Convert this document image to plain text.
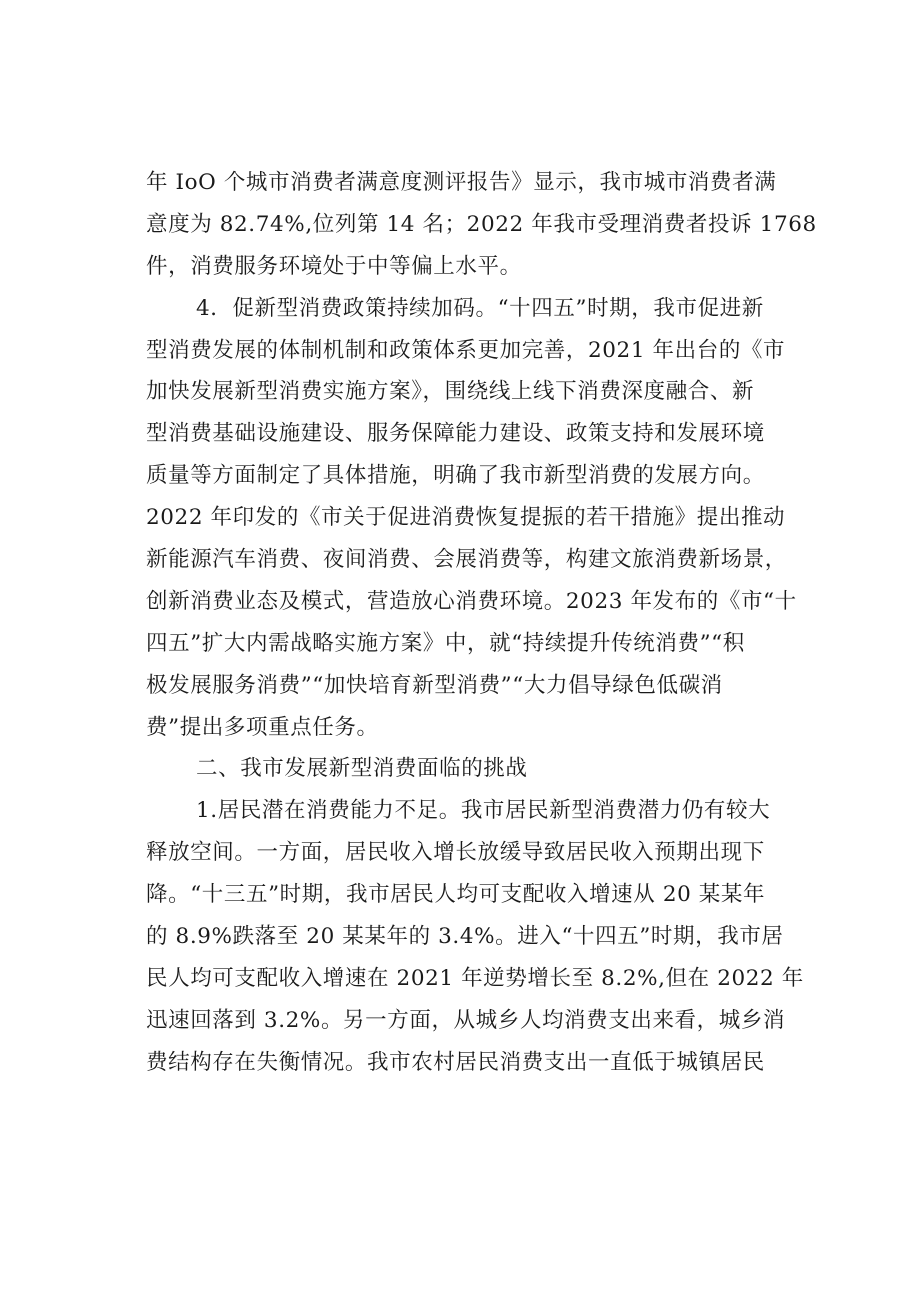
年 IoO 个城市消费者满意度测评报告》显示，我市城市消费者满
意度为 82.74%,位列第 14 名；2022 年我市受理消费者投诉 1768
件，消费服务环境处于中等偏上水平。
4．促新型消费政策持续加码。“十四五”时期，我市促进新
型消费发展的体制机制和政策体系更加完善，2021 年出台的《市
加快发展新型消费实施方案》，围绕线上线下消费深度融合、新
型消费基础设施建设、服务保障能力建设、政策支持和发展环境
质量等方面制定了具体措施，明确了我市新型消费的发展方向。
2022 年印发的《市关于促进消费恢复提振的若干措施》提出推动
新能源汽车消费、夜间消费、会展消费等，构建文旅消费新场景，
创新消费业态及模式，营造放心消费环境。2023 年发布的《市“十
四五”扩大内需战略实施方案》中，就“持续提升传统消费”“积
极发展服务消费”“加快培育新型消费”“大力倡导绿色低碳消
费”提出多项重点任务。
二、我市发展新型消费面临的挑战
1.居民潜在消费能力不足。我市居民新型消费潜力仍有较大
释放空间。一方面，居民收入增长放缓导致居民收入预期出现下
降。“十三五”时期，我市居民人均可支配收入增速从 20 某某年
的 8.9%跌落至 20 某某年的 3.4%。进入“十四五”时期，我市居
民人均可支配收入增速在 2021 年逆势增长至 8.2%,但在 2022 年
迅速回落到 3.2%。另一方面，从城乡人均消费支出来看，城乡消
费结构存在失衡情况。我市农村居民消费支出一直低于城镇居民
